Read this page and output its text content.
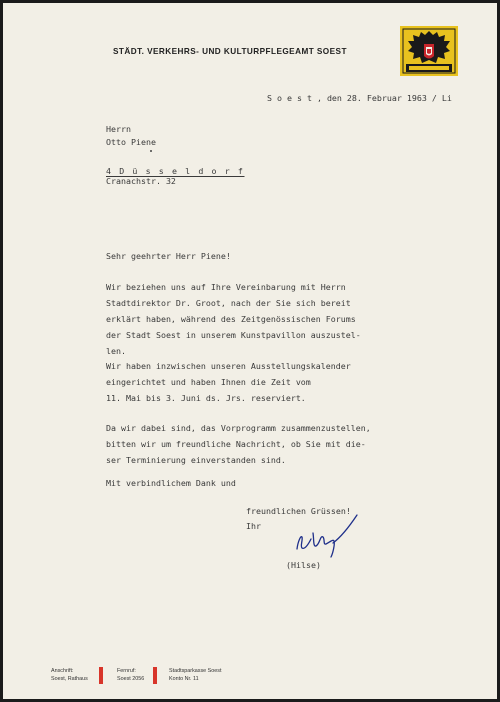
STÄDT. VERKEHRS- UND KULTURPFLEGEAMT SOEST
S o e s t , den 28. Februar 1963 / Li
Herrn
Otto Piene
4 D ü s s e l d o r f
Cranachstr. 32
Sehr geehrter Herr Piene!
Wir beziehen uns auf Ihre Vereinbarung mit Herrn
Stadtdirektor Dr. Groot, nach der Sie sich bereit
erklärt haben, während des Zeitgenössischen Forums
der Stadt Soest in unserem Kunstpavillon auszustel-
len.
Wir haben inzwischen unseren Ausstellungskalender
eingerichtet und haben Ihnen die Zeit vom
11. Mai bis 3. Juni ds. Jrs. reserviert.
Da wir dabei sind, das Vorprogramm zusammenzustellen,
bitten wir um freundliche Nachricht, ob Sie mit die-
ser Terminierung einverstanden sind.
Mit verbindlichem Dank und
freundlichen Grüssen!
Ihr
(Hilse)
Anschrift:
Soest, Rathaus
Fernruf:
Soest 2056
Stadtsparkasse Soest
Konto Nr. 11
